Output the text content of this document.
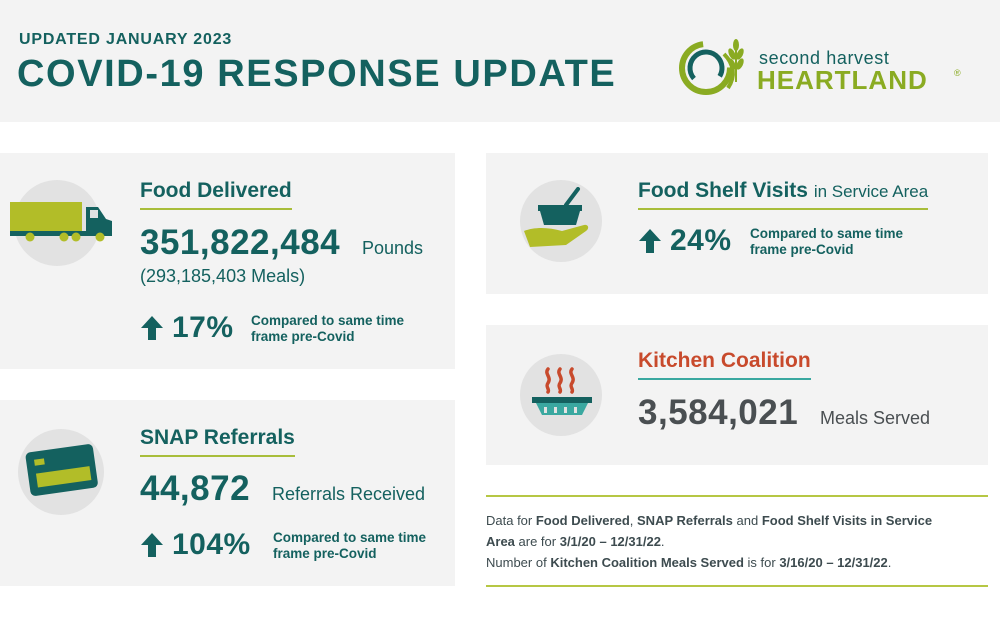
UPDATED JANUARY 2023
COVID-19 RESPONSE UPDATE	second harvest
HEARTLAND	®
Food Delivered
351,822,484 Pounds
(293,185,403 Meals)
17% Compared to same time
frame pre-Covid
SNAP Referrals
44,872 Referrals Received
104% Compared to same time
frame pre-Covid
Food Shelf Visits in Service Area
24% Compared to same time
frame pre-Covid
Kitchen Coalition
3,584,021 Meals Served

Data for Food Delivered, SNAP Referrals and Food Shelf Visits in Service

Area are for 3/1/20 – 12/31/22.

Number of Kitchen Coalition Meals Served is for 3/16/20 – 12/31/22.
